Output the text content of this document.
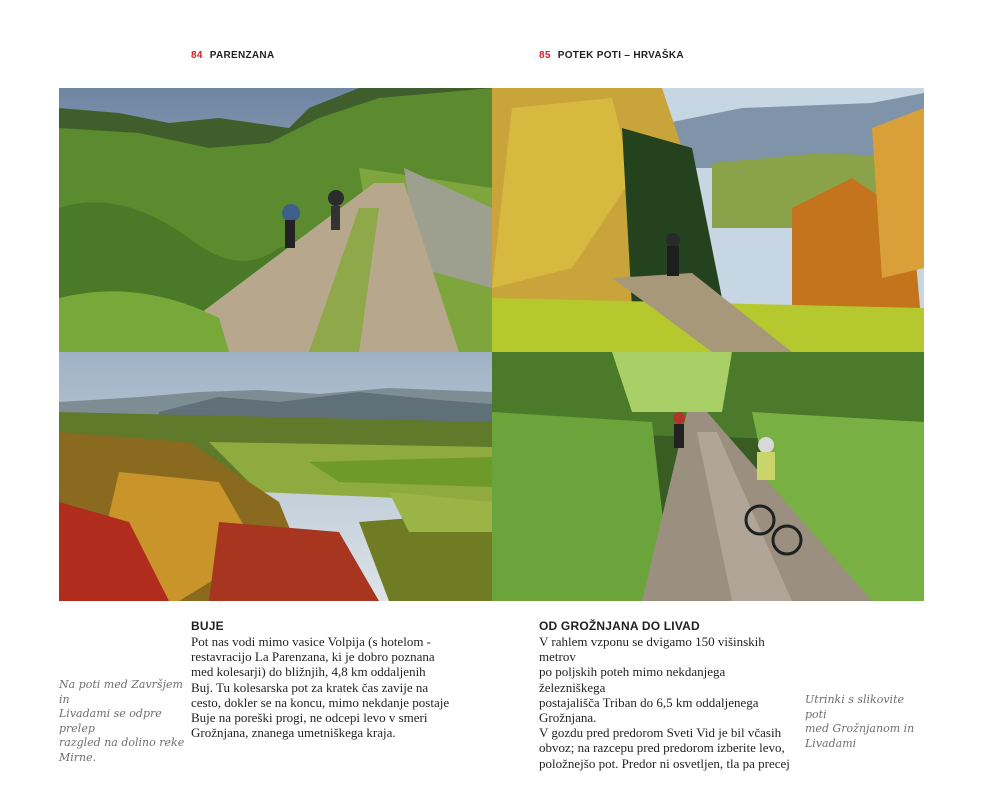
84 PARENZANA	85 POTEK POTI – HRVAŠKA
Na poti med Završjem in
Livadami se odpre prelep
razgled na dolino reke
Mirne.
BUJE

Pot nas vodi mimo vasice Volpija (s hotelom -

restavracijo La Parenzana, ki je dobro poznana

med kolesarji) do bližnjih, 4,8 km oddaljenih

Buj. Tu kolesarska pot za kratek čas zavije na

cesto, dokler se na koncu, mimo nekdanje postaje

Buje na poreški progi, ne odcepi levo v smeri

Grožnjana, znanega umetniškega kraja.

OD GROŽNJANA DO LIVAD

V rahlem vzponu se dvigamo 150 višinskih metrov

po poljskih poteh mimo nekdanjega železniškega

postajališča Triban do 6,5 km oddaljenega

Grožnjana.

V gozdu pred predorom Sveti Vid je bil včasih

obvoz; na razcepu pred predorom izberite levo,

položnejšo pot. Predor ni osvetljen, tla pa precej

Utrinki s slikovite poti
med Grožnjanom in
Livadami
